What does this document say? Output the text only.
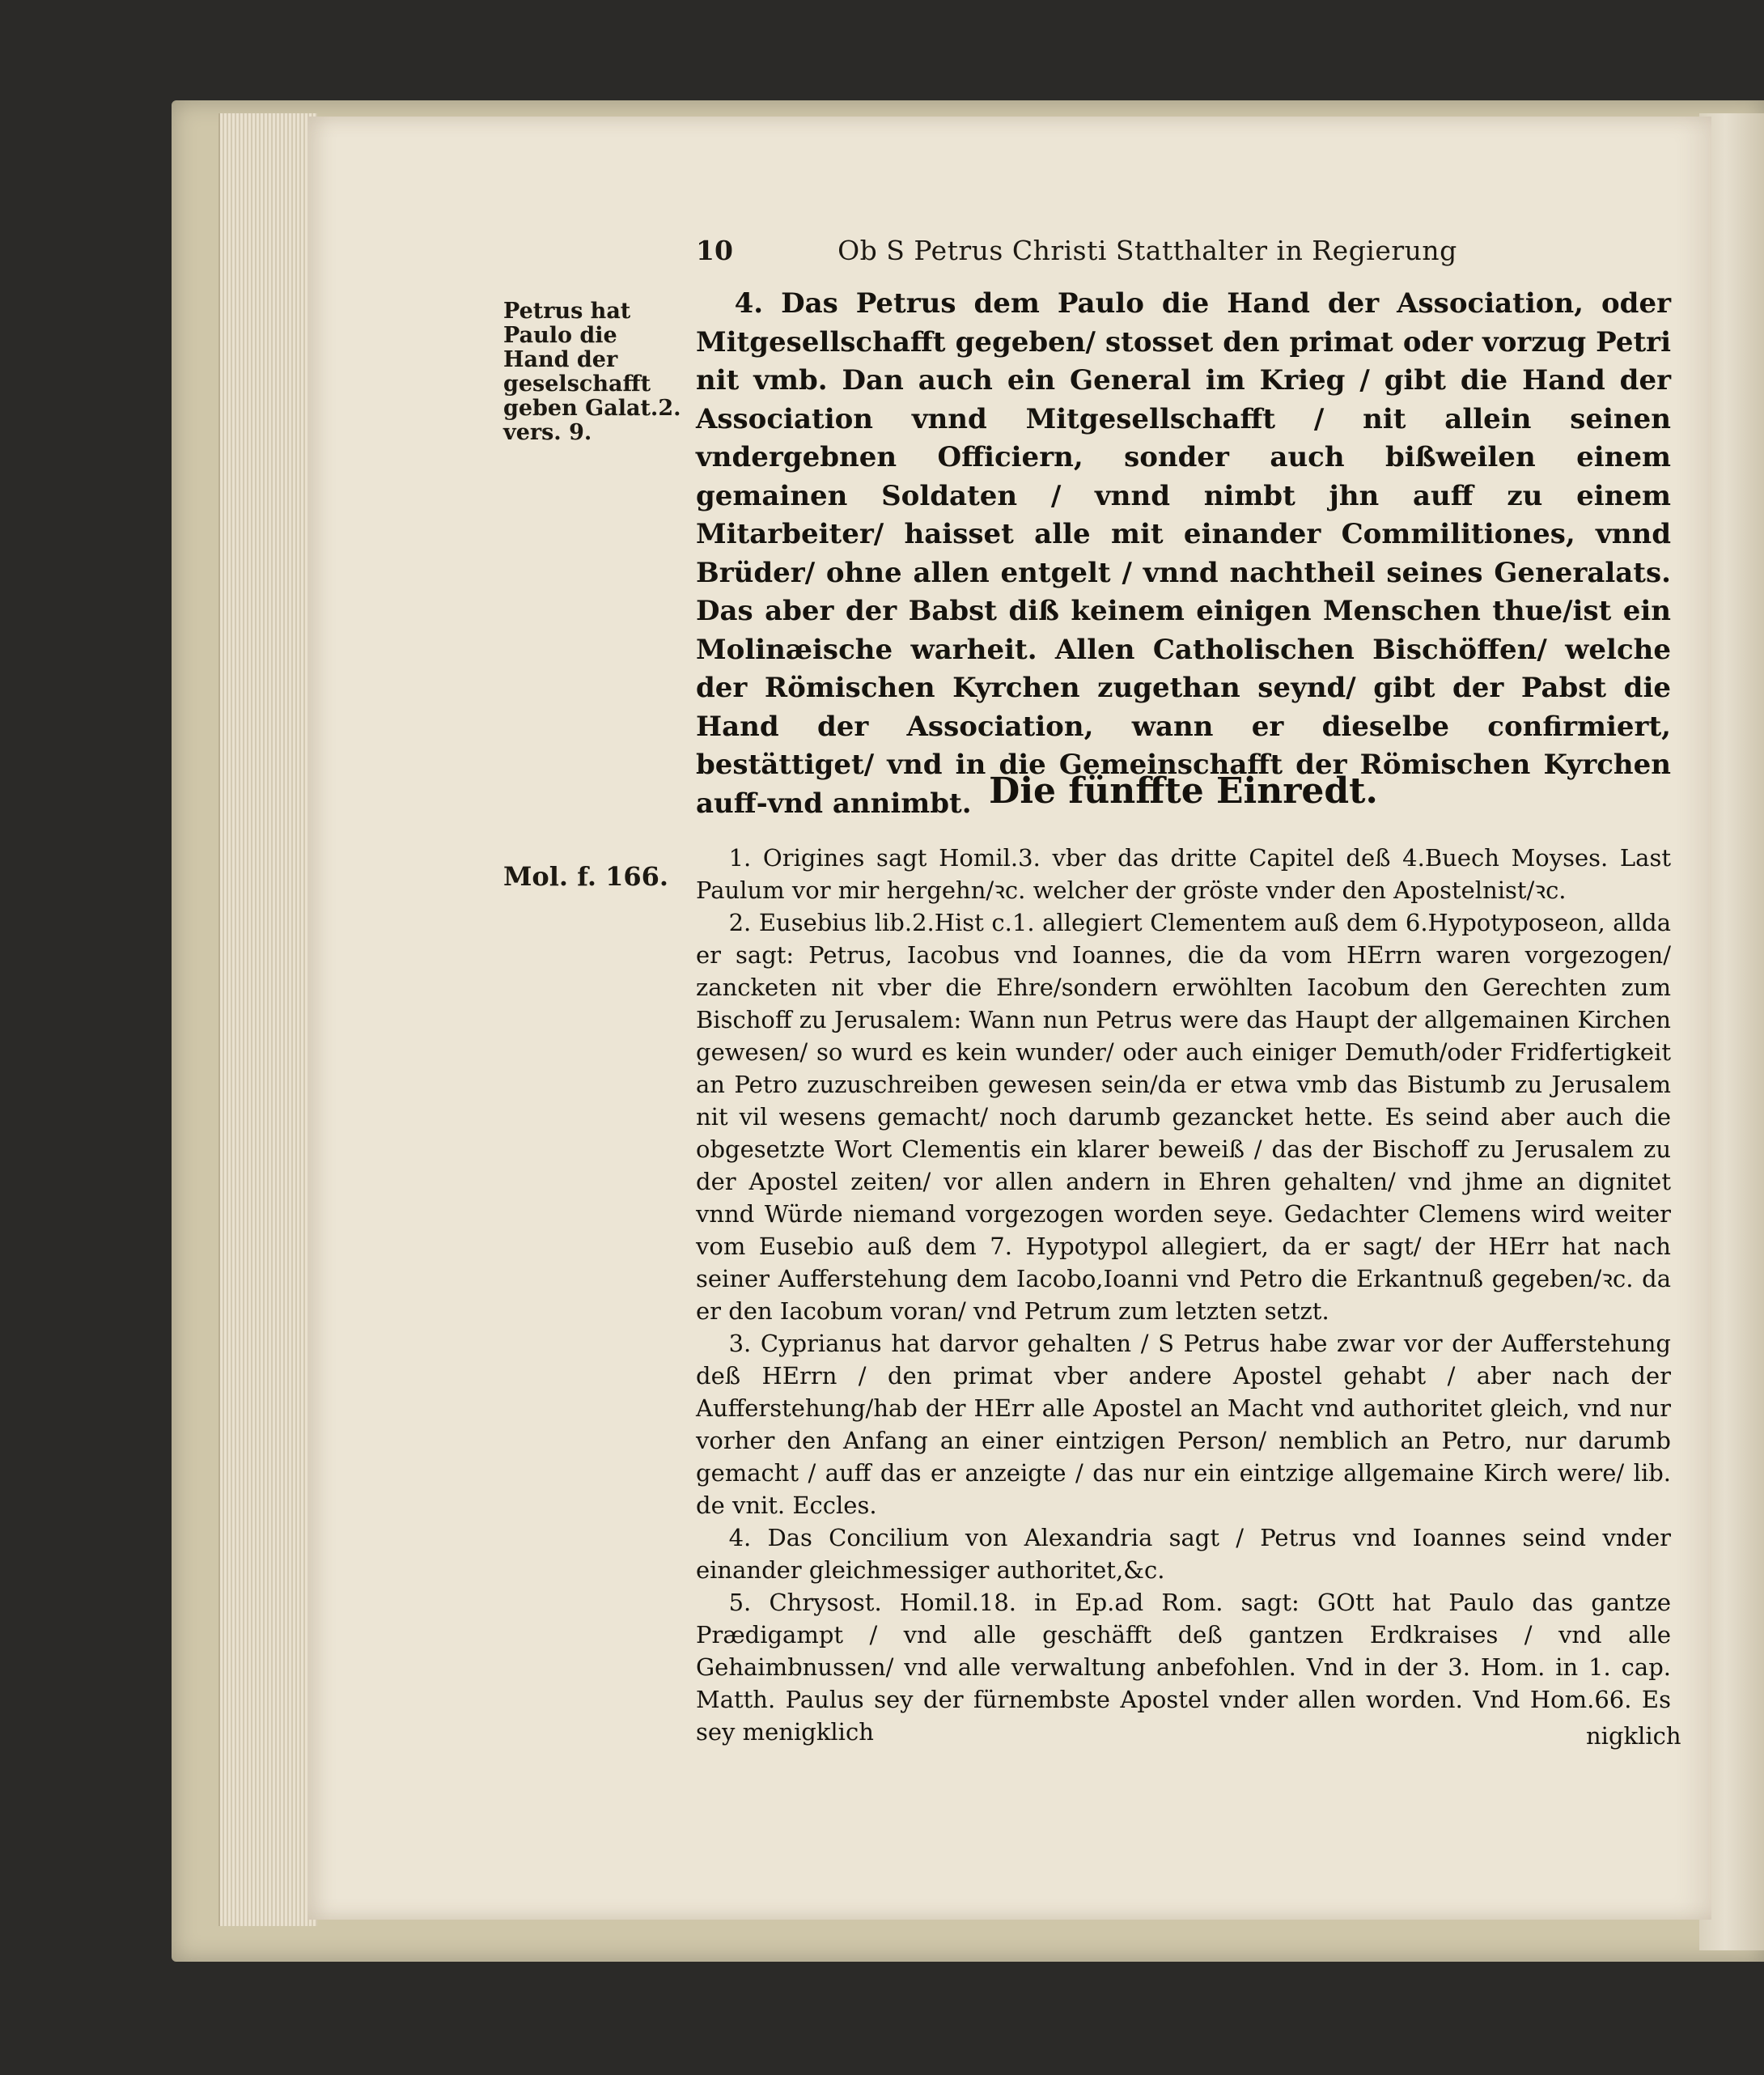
10	Ob S Petrus Christi Statthalter in Regierung
Petrus hat Paulo die Hand der geselschafft geben Galat.2. vers. 9.
Mol. f. 166.

4. Das Petrus dem Paulo die Hand der Association, oder Mitgesellschafft gegeben/ stosset den primat oder vorzug Petri nit vmb. Dan auch ein General im Krieg / gibt die Hand der Association vnnd Mitgesellschafft / nit allein seinen vndergebnen Officiern, sonder auch bißweilen einem gemainen Soldaten / vnnd nimbt jhn auff zu einem Mitarbeiter/ haisset alle mit einander Commilitiones, vnnd Brüder/ ohne allen entgelt / vnnd nachtheil seines Generalats. Das aber der Babst diß keinem einigen Menschen thue/ist ein Molinæische warheit. Allen Catholischen Bischöffen/ welche der Römischen Kyrchen zugethan seynd/ gibt der Pabst die Hand der Association, wann er dieselbe confirmiert, bestättiget/ vnd in die Gemeinschafft der Römischen Kyrchen auff-vnd annimbt. Die fünffte Einredt.

1. Origines sagt Homil.3. vber das dritte Capitel deß 4.Buech Moyses. Last Paulum vor mir hergehn/ꝛc. welcher der gröste vnder den Apostelnist/ꝛc.

2. Eusebius lib.2.Hist c.1. allegiert Clementem auß dem 6.Hypotyposeon, allda er sagt: Petrus, Iacobus vnd Ioannes, die da vom HErrn waren vorgezogen/ zancketen nit vber die Ehre/sondern erwöhlten Iacobum den Gerechten zum Bischoff zu Jerusalem: Wann nun Petrus were das Haupt der allgemainen Kirchen gewesen/ so wurd es kein wunder/ oder auch einiger Demuth/oder Fridfertigkeit an Petro zuzuschreiben gewesen sein/da er etwa vmb das Bistumb zu Jerusalem nit vil wesens gemacht/ noch darumb gezancket hette. Es seind aber auch die obgesetzte Wort Clementis ein klarer beweiß / das der Bischoff zu Jerusalem zu der Apostel zeiten/ vor allen andern in Ehren gehalten/ vnd jhme an dignitet vnnd Würde niemand vorgezogen worden seye. Gedachter Clemens wird weiter vom Eusebio auß dem 7. Hypotypol allegiert, da er sagt/ der HErr hat nach seiner Aufferstehung dem Iacobo,Ioanni vnd Petro die Erkantnuß gegeben/ꝛc. da er den Iacobum voran/ vnd Petrum zum letzten setzt.

3. Cyprianus hat darvor gehalten / S Petrus habe zwar vor der Aufferstehung deß HErrn / den primat vber andere Apostel gehabt / aber nach der Aufferstehung/hab der HErr alle Apostel an Macht vnd authoritet gleich, vnd nur vorher den Anfang an einer eintzigen Person/ nemblich an Petro, nur darumb gemacht / auff das er anzeigte / das nur ein eintzige allgemaine Kirch were/ lib. de vnit. Eccles.

4. Das Concilium von Alexandria sagt / Petrus vnd Ioannes seind vnder einander gleichmessiger authoritet,&c.

5. Chrysost. Homil.18. in Ep.ad Rom. sagt: GOtt hat Paulo das gantze Prædigampt / vnd alle geschäfft deß gantzen Erdkraises / vnd alle Gehaimbnussen/ vnd alle verwaltung anbefohlen. Vnd in der 3. Hom. in 1. cap. Matth. Paulus sey der fürnembste Apostel vnder allen worden. Vnd Hom.66. Es sey menigklich	nigklich
